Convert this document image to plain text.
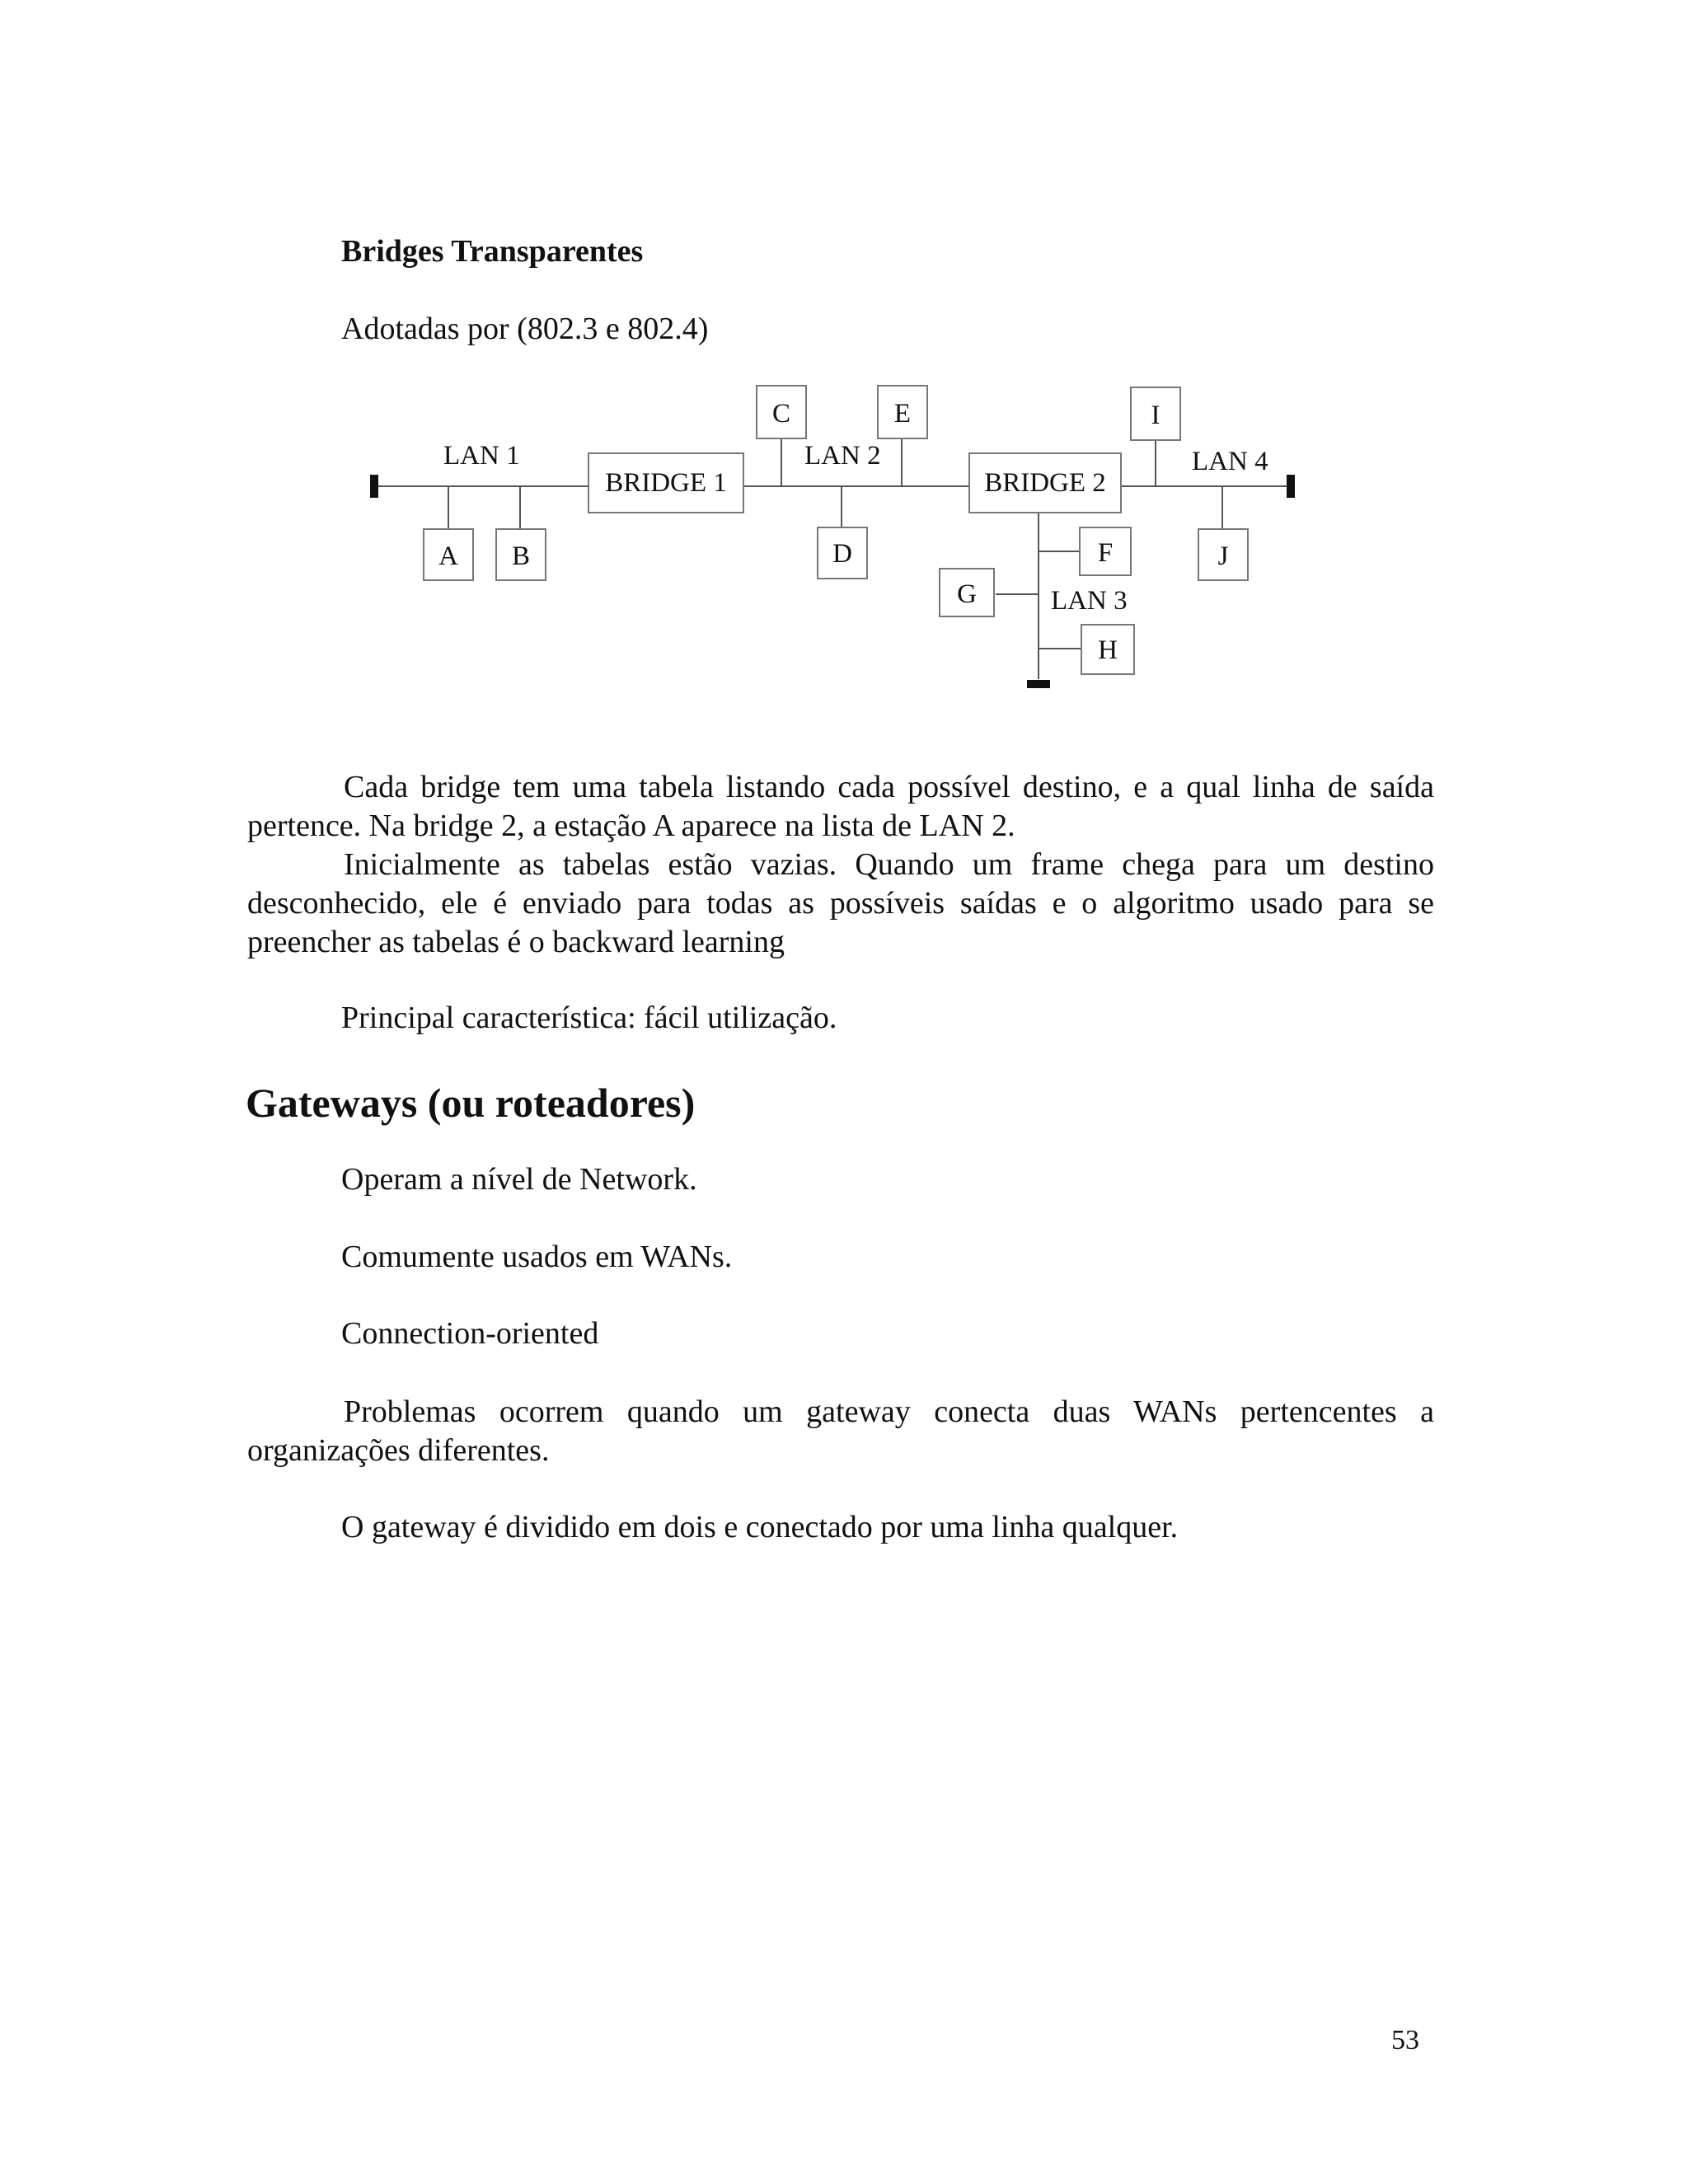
Bridges Transparentes
Adotadas por (802.3 e 802.4)
BRIDGE 1	BRIDGE 2
LAN 1	LAN 2	LAN 4
LAN 3
A B
C	E
D
I
J
F
G
H
Cada bridge tem uma tabela listando cada possível destino, e a qual linha de saída pertence. Na bridge 2, a estação A aparece na lista de LAN 2.
Inicialmente as tabelas estão vazias. Quando um frame chega para um destino desconhecido, ele é enviado para todas as possíveis saídas e o algoritmo usado para se preencher as tabelas é o backward learning
Principal característica: fácil utilização.
Gateways (ou roteadores)
Operam a nível de Network.
Comumente usados em WANs.
Connection-oriented
Problemas ocorrem quando um gateway conecta duas WANs pertencentes a organizações diferentes.
O gateway é dividido em dois e conectado por uma linha qualquer.
53
